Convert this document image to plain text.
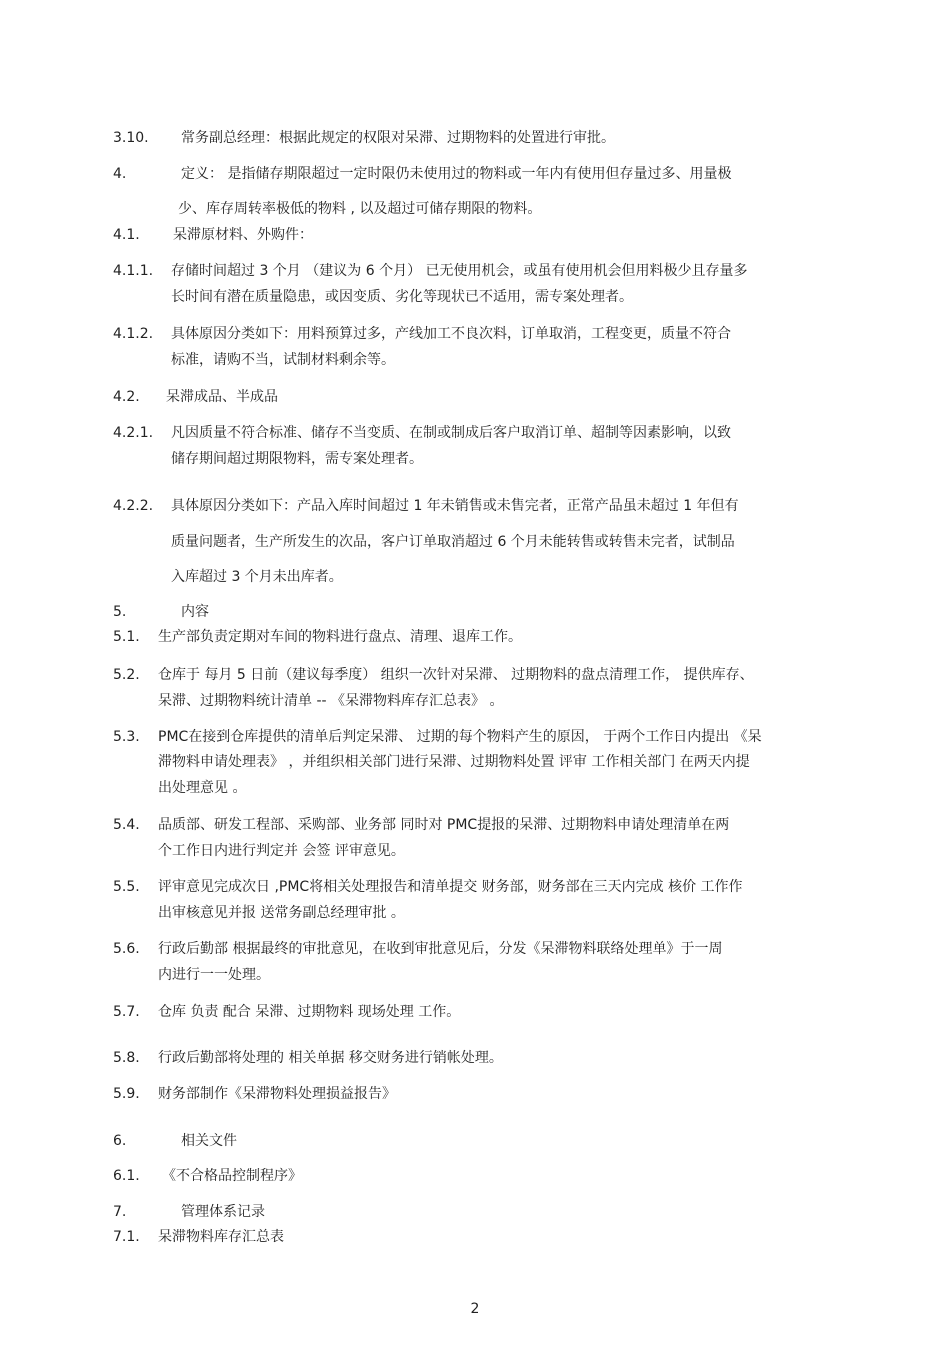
3.10. 常务副总经理：根据此规定的权限对呆滞、过期物料的处置进行审批。
4.	定义： 是指储存期限超过一定时限仍未使用过的物料或一年内有使用但存量过多、用量极
少、库存周转率极低的物料 , 以及超过可储存期限的物料。
4.1. 呆滞原材料、外购件：
4.1.1. 存储时间超过 3 个月 （建议为 6 个月） 已无使用机会，或虽有使用机会但用料极少且存量多
长时间有潜在质量隐患，或因变质、劣化等现状已不适用，需专案处理者。
4.1.2. 具体原因分类如下：用料预算过多，产线加工不良次料，订单取消，工程变更，质量不符合
标准，请购不当，试制材料剩余等。
4.2. 呆滞成品、半成品
4.2.1. 凡因质量不符合标准、储存不当变质、在制或制成后客户取消订单、超制等因素影响，以致
储存期间超过期限物料，需专案处理者。
4.2.2. 具体原因分类如下：产品入库时间超过 1 年未销售或未售完者，正常产品虽未超过 1 年但有
质量问题者，生产所发生的次品，客户订单取消超过 6 个月未能转售或转售未完者，试制品
入库超过 3 个月未出库者。
5.	内容
5.1. 生产部负责定期对车间的物料进行盘点、清理、退库工作。
5.2. 仓库于 每月 5 日前（建议每季度） 组织一次针对呆滞、 过期物料的盘点清理工作， 提供库存、
呆滞、过期物料统计清单 -- 《呆滞物料库存汇总表》 。
5.3. PMC在接到仓库提供的清单后判定呆滞、 过期的每个物料产生的原因， 于两个工作日内提出 《呆
滞物料申请处理表》 ，并组织相关部门进行呆滞、过期物料处置 评审 工作相关部门 在两天内提
出处理意见 。
5.4. 品质部、研发工程部、采购部、业务部 同时对 PMC提报的呆滞、过期物料申请处理清单在两
个工作日内进行判定并 会签 评审意见。
5.5. 评审意见完成次日 ,PMC将相关处理报告和清单提交 财务部，财务部在三天内完成 核价 工作作
出审核意见并报 送常务副总经理审批 。
5.6. 行政后勤部 根据最终的审批意见，在收到审批意见后，分发《呆滞物料联络处理单》于一周
内进行一一处理。
5.7. 仓库 负责 配合 呆滞、过期物料 现场处理 工作。
5.8. 行政后勤部将处理的 相关单据 移交财务进行销帐处理。
5.9. 财务部制作《呆滞物料处理损益报告》
6.	相关文件
6.1. 《不合格品控制程序》
7.	管理体系记录
7.1. 呆滞物料库存汇总表
2
